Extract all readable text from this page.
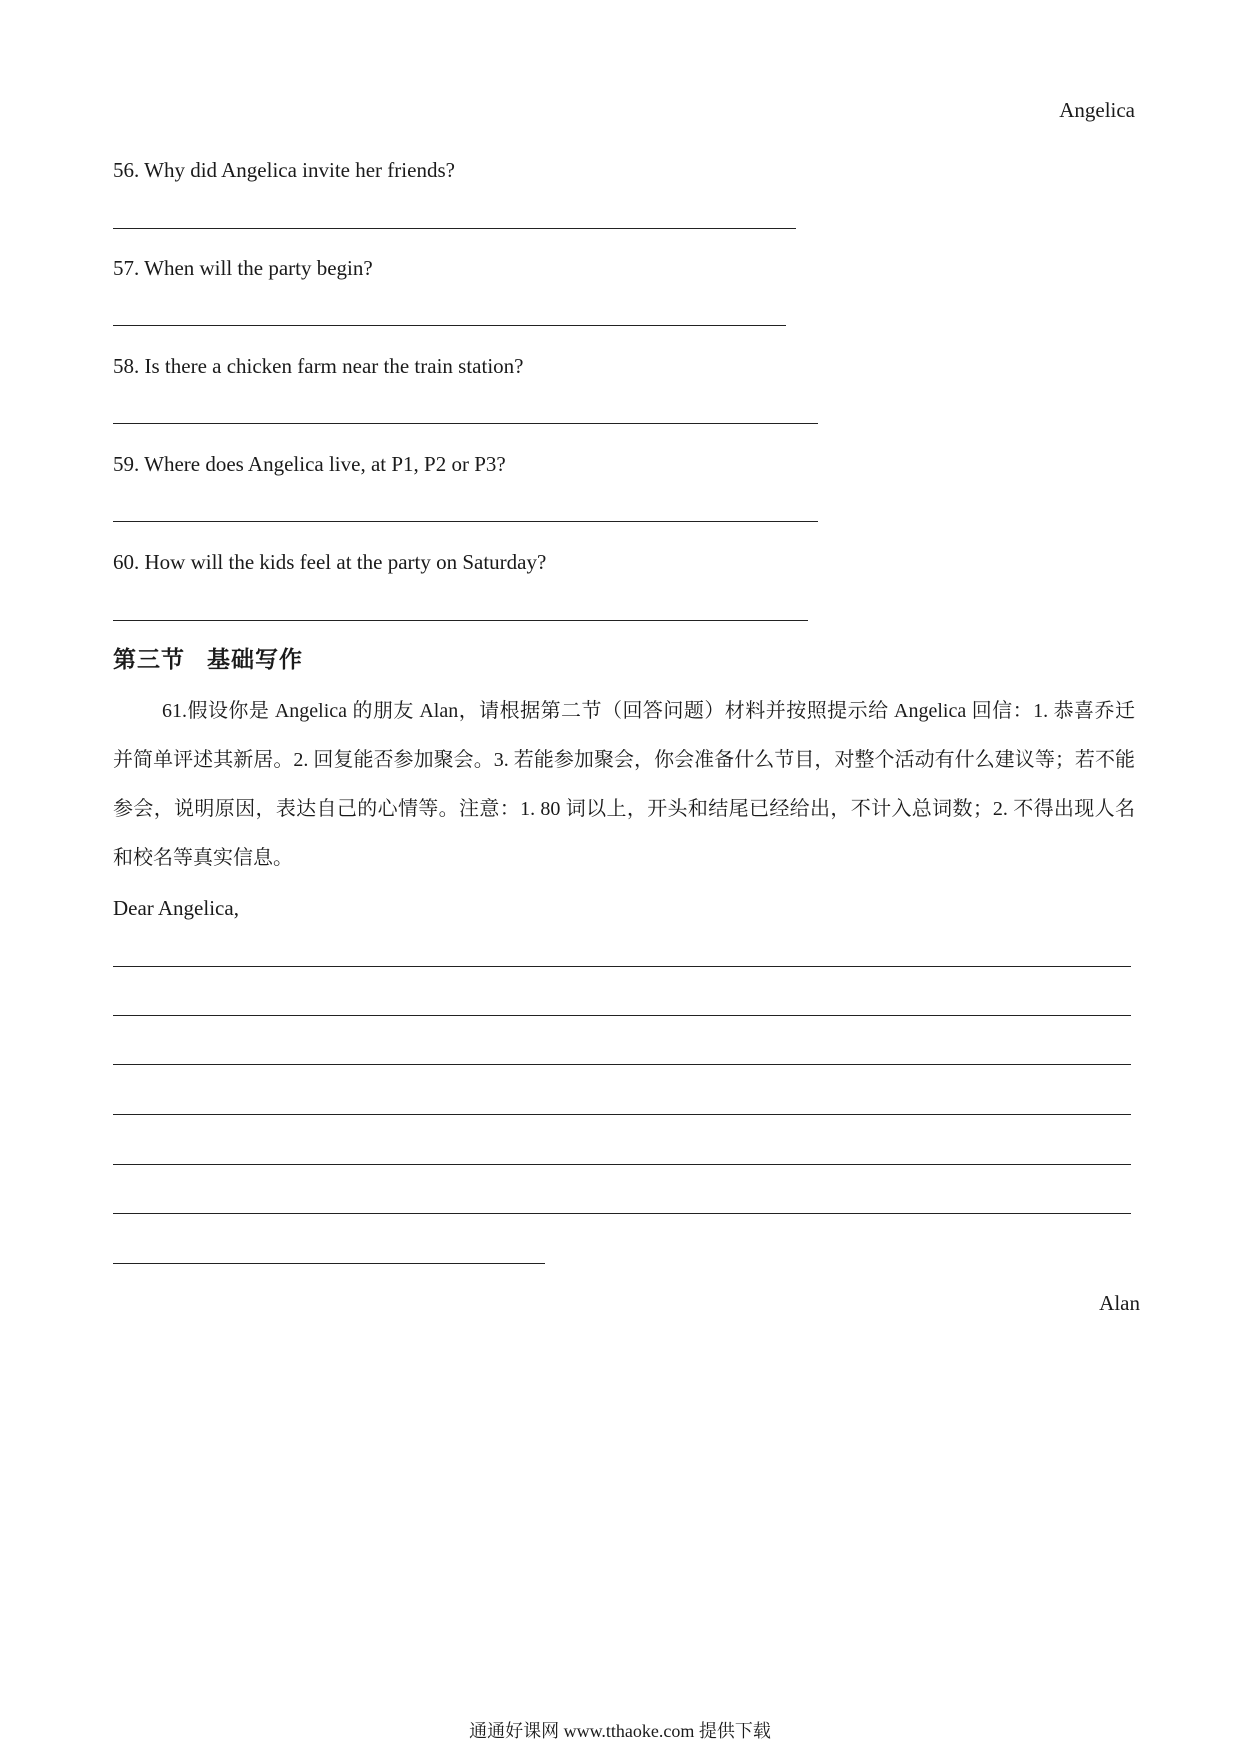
Angelica
56. Why did Angelica invite her friends?
57. When will the party begin?
58. Is there a chicken farm near the train station?
59. Where does Angelica live, at P1, P2 or P3?
60. How will the kids feel at the party on Saturday?
第三节 基础写作
61.假设你是 Angelica 的朋友 Alan，请根据第二节（回答问题）材料并按照提示给 Angelica 回信：1. 恭喜乔迁并简单评述其新居。2. 回复能否参加聚会。3. 若能参加聚会，你会准备什么节目，对整个活动有什么建议等；若不能参会，说明原因，表达自己的心情等。注意：1. 80 词以上，开头和结尾已经给出，不计入总词数；2. 不得出现人名和校名等真实信息。
Dear Angelica,
Alan
通通好课网 www.tthaoke.com 提供下载
